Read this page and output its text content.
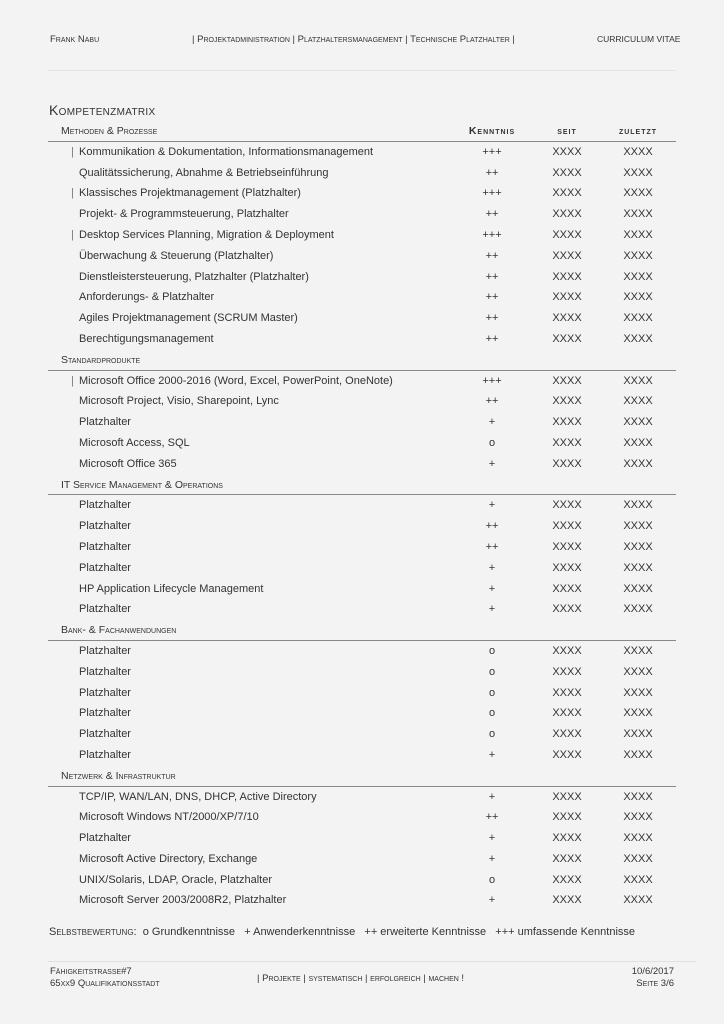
Frank Nabu	| Projektadministration | Platzhaltersmanagement | Technische Platzhalter |	CURRICULUM VITAE
Kompetenzmatrix
Methoden & Prozesse	Kenntnis	seit	zuletzt
| Kommunikation & Dokumentation, Informationsmanagement	+++	XXXX	XXXX
Qualitätssicherung, Abnahme & Betriebseinführung	++	XXXX	XXXX
| Klassisches Projektmanagement (Platzhalter)	+++	XXXX	XXXX
Projekt- & Programmsteuerung, Platzhalter	++	XXXX	XXXX
| Desktop Services Planning, Migration & Deployment	+++	XXXX	XXXX
Überwachung & Steuerung (Platzhalter)	++	XXXX	XXXX
Dienstleistersteuerung, Platzhalter (Platzhalter)	++	XXXX	XXXX
Anforderungs- & Platzhalter	++	XXXX	XXXX
Agiles Projektmanagement (SCRUM Master)	++	XXXX	XXXX
Berechtigungsmanagement	++	XXXX	XXXX
Standardprodukte
| Microsoft Office 2000-2016 (Word, Excel, PowerPoint, OneNote)	+++	XXXX	XXXX
Microsoft Project, Visio, Sharepoint, Lync	++	XXXX	XXXX
Platzhalter	+	XXXX	XXXX
Microsoft Access, SQL	o	XXXX	XXXX
Microsoft Office 365	+	XXXX	XXXX
IT Service Management & Operations
Platzhalter	+	XXXX	XXXX
Platzhalter	++	XXXX	XXXX
Platzhalter	++	XXXX	XXXX
Platzhalter	+	XXXX	XXXX
HP Application Lifecycle Management	+	XXXX	XXXX
Platzhalter	+	XXXX	XXXX
Bank- & Fachanwendungen
Platzhalter	o	XXXX	XXXX
Platzhalter	o	XXXX	XXXX
Platzhalter	o	XXXX	XXXX
Platzhalter	o	XXXX	XXXX
Platzhalter	o	XXXX	XXXX
Platzhalter	+	XXXX	XXXX
Netzwerk & Infrastruktur
TCP/IP, WAN/LAN, DNS, DHCP, Active Directory	+	XXXX	XXXX
Microsoft Windows NT/2000/XP/7/10	++	XXXX	XXXX
Platzhalter	+	XXXX	XXXX
Microsoft Active Directory, Exchange	+	XXXX	XXXX
UNIX/Solaris, LDAP, Oracle, Platzhalter	o	XXXX	XXXX
Microsoft Server 2003/2008R2, Platzhalter	+	XXXX	XXXX
Selbstbewertung: o Grundkenntnisse + Anwenderkenntnisse ++ erweiterte Kenntnisse +++ umfassende Kenntnisse
Fähigkeitstraße#7
65xx9 Qualifikationsstadt	| Projekte | systematisch | erfolgreich | machen !
10/6/2017
Seite 3/6
